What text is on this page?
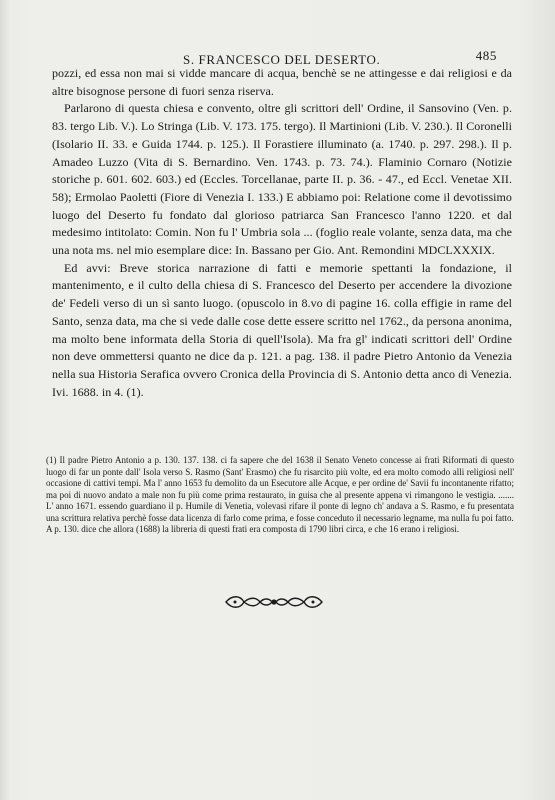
S. FRANCESCO DEL DESERTO.	485

pozzi, ed essa non mai si vidde mancare di acqua, benchè se ne attingesse e dai religiosi e da altre bisognose persone di fuori senza riserva.

Parlarono di questa chiesa e convento, oltre gli scrittori dell' Ordine, il Sansovino (Ven. p. 83. tergo Lib. V.). Lo Stringa (Lib. V. 173. 175. tergo). Il Martinioni (Lib. V. 230.). Il Coronelli (Isolario II. 33. e Guida 1744. p. 125.). Il Forastiere illuminato (a. 1740. p. 297. 298.). Il p. Amadeo Luzzo (Vita di S. Bernardino. Ven. 1743. p. 73. 74.). Flaminio Cornaro (Notizie storiche p. 601. 602. 603.) ed (Eccles. Torcellanae, parte II. p. 36. - 47., ed Eccl. Venetae XII. 58); Ermolao Paoletti (Fiore di Venezia I. 133.) E abbiamo poi: Relatione come il devotissimo luogo del Deserto fu fondato dal glorioso patriarca San Francesco l'anno 1220. et dal medesimo intitolato: Comin. Non fu l' Umbria sola ... (foglio reale volante, senza data, ma che una nota ms. nel mio esemplare dice: In. Bassano per Gio. Ant. Remondini MDCLXXXIX.

Ed avvi: Breve storica narrazione di fatti e memorie spettanti la fondazione, il mantenimento, e il culto della chiesa di S. Francesco del Deserto per accendere la divozione de' Fedeli verso di un sì santo luogo. (opuscolo in 8.vo di pagine 16. colla effigie in rame del Santo, senza data, ma che si vede dalle cose dette essere scritto nel 1762., da persona anonima, ma molto bene informata della Storia di quell'Isola). Ma fra gl' indicati scrittori dell' Ordine non deve ommettersi quanto ne dice da p. 121. a pag. 138. il padre Pietro Antonio da Venezia nella sua Historia Serafica ovvero Cronica della Provincia di S. Antonio detta anco di Venezia. Ivi. 1688. in 4. (1).

(1) Il padre Pietro Antonio a p. 130. 137. 138. ci fa sapere che del 1638 il Senato Veneto concesse ai frati Riformati di questo luogo di far un ponte dall' Isola verso S. Rasmo (Sant' Erasmo) che fu risarcito più volte, ed era molto comodo alli religiosi nell' occasione di cattivi tempi. Ma l' anno 1653 fu demolito da un Esecutore alle Acque, e per ordine de' Savii fu incontanente rifatto; ma poi di nuovo andato a male non fu più come prima restaurato, in guisa che al presente appena vi rimangono le vestigia. ....... L' anno 1671. essendo guardiano il p. Humile di Venetia, volevasi rifare il ponte di legno ch' andava a S. Rasmo, e fu presentata una scrittura relativa perchè fosse data licenza di farlo come prima, e fosse conceduto il necessario legname, ma nulla fu poi fatto.

A p. 130. dice che allora (1688) la libreria di questi frati era composta di 1790 libri circa, e che 16 erano i religiosi.
